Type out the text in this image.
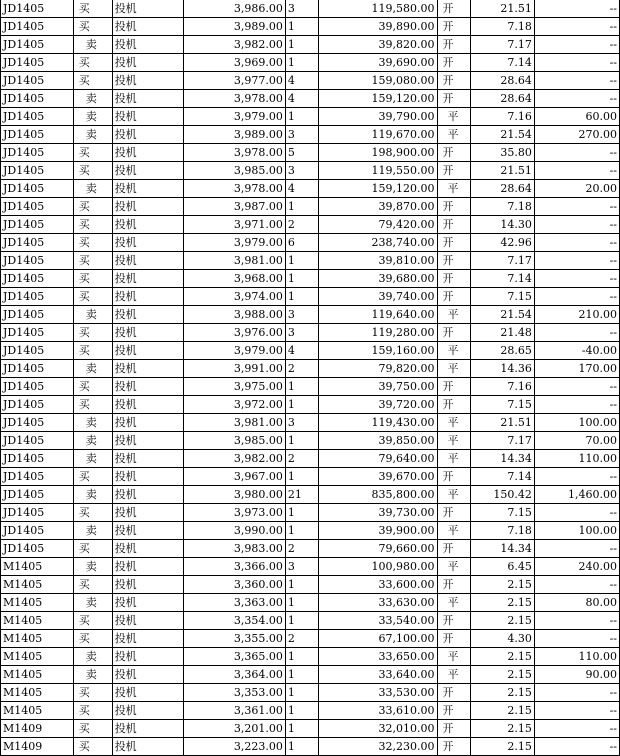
JD1405	买	投机	3,986.00	3	119,580.00	开	21.51	--
JD1405	买	投机	3,989.00	1	39,890.00	开	7.18	--
JD1405	卖	投机	3,982.00	1	39,820.00	开	7.17	--
JD1405	买	投机	3,969.00	1	39,690.00	开	7.14	--
JD1405	买	投机	3,977.00	4	159,080.00	开	28.64	--
JD1405	卖	投机	3,978.00	4	159,120.00	开	28.64	--
JD1405	卖	投机	3,979.00	1	39,790.00	平	7.16	60.00
JD1405	卖	投机	3,989.00	3	119,670.00	平	21.54	270.00
JD1405	买	投机	3,978.00	5	198,900.00	开	35.80	--
JD1405	买	投机	3,985.00	3	119,550.00	开	21.51	--
JD1405	卖	投机	3,978.00	4	159,120.00	平	28.64	20.00
JD1405	买	投机	3,987.00	1	39,870.00	开	7.18	--
JD1405	买	投机	3,971.00	2	79,420.00	开	14.30	--
JD1405	买	投机	3,979.00	6	238,740.00	开	42.96	--
JD1405	买	投机	3,981.00	1	39,810.00	开	7.17	--
JD1405	买	投机	3,968.00	1	39,680.00	开	7.14	--
JD1405	买	投机	3,974.00	1	39,740.00	开	7.15	--
JD1405	卖	投机	3,988.00	3	119,640.00	平	21.54	210.00
JD1405	买	投机	3,976.00	3	119,280.00	开	21.48	--
JD1405	买	投机	3,979.00	4	159,160.00	平	28.65	-40.00
JD1405	卖	投机	3,991.00	2	79,820.00	平	14.36	170.00
JD1405	买	投机	3,975.00	1	39,750.00	开	7.16	--
JD1405	买	投机	3,972.00	1	39,720.00	开	7.15	--
JD1405	卖	投机	3,981.00	3	119,430.00	平	21.51	100.00
JD1405	卖	投机	3,985.00	1	39,850.00	平	7.17	70.00
JD1405	卖	投机	3,982.00	2	79,640.00	平	14.34	110.00
JD1405	买	投机	3,967.00	1	39,670.00	开	7.14	--
JD1405	卖	投机	3,980.00	21	835,800.00	平	150.42	1,460.00
JD1405	买	投机	3,973.00	1	39,730.00	开	7.15	--
JD1405	卖	投机	3,990.00	1	39,900.00	平	7.18	100.00
JD1405	买	投机	3,983.00	2	79,660.00	开	14.34	--
M1405	卖	投机	3,366.00	3	100,980.00	平	6.45	240.00
M1405	买	投机	3,360.00	1	33,600.00	开	2.15	--
M1405	卖	投机	3,363.00	1	33,630.00	平	2.15	80.00
M1405	买	投机	3,354.00	1	33,540.00	开	2.15	--
M1405	买	投机	3,355.00	2	67,100.00	开	4.30	--
M1405	卖	投机	3,365.00	1	33,650.00	平	2.15	110.00
M1405	卖	投机	3,364.00	1	33,640.00	平	2.15	90.00
M1405	买	投机	3,353.00	1	33,530.00	开	2.15	--
M1405	买	投机	3,361.00	1	33,610.00	开	2.15	--
M1409	买	投机	3,201.00	1	32,010.00	开	2.15	--
M1409	买	投机	3,223.00	1	32,230.00	开	2.15	--
